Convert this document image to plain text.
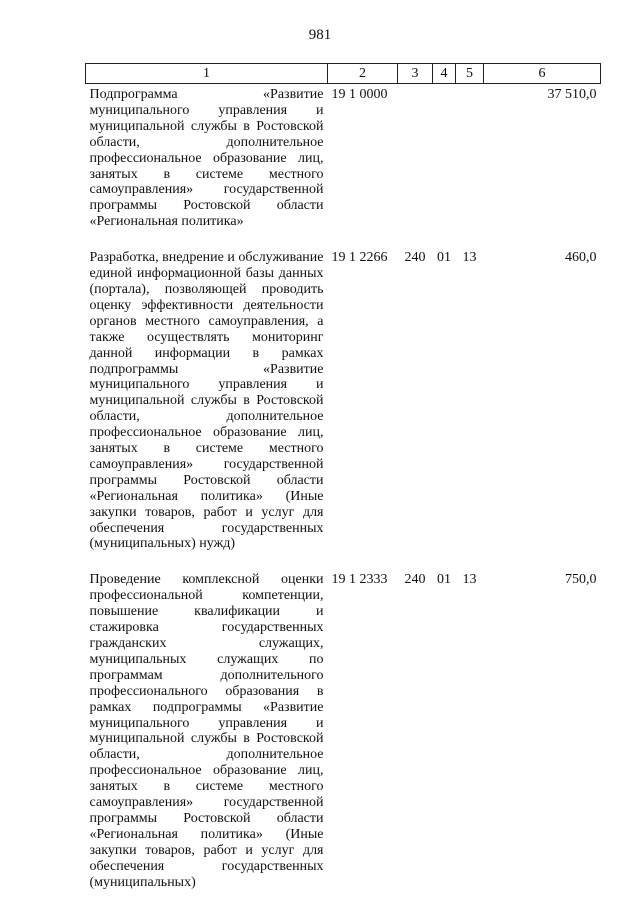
981
1	2	3	4	5	6
Подпрограмма «Развитие муниципального управления и муниципальной службы в Ростовской области, дополнительное профессиональное образование лиц, занятых в системе местного самоуправления» государственной программы Ростовской области «Региональная политика»	19 1 0000				37 510,0
Разработка, внедрение и обслуживание единой информационной базы данных (портала), позволяющей проводить оценку эффективности деятельности органов местного самоуправления, а также осуществлять мониторинг данной информации в рамках подпрограммы «Развитие муниципального управления и муниципальной службы в Ростовской области, дополнительное профессиональное образование лиц, занятых в системе местного самоуправления» государственной программы Ростовской области «Региональная политика» (Иные закупки товаров, работ и услуг для обеспечения государственных (муниципальных) нужд)	19 1 2266	240	01	13	460,0
Проведение комплексной оценки профессиональной компетенции, повышение квалификации и стажировка государственных гражданских служащих, муниципальных служащих по программам дополнительного профессионального образования в рамках подпрограммы «Развитие муниципального управления и муниципальной службы в Ростовской области, дополнительное профессиональное образование лиц, занятых в системе местного самоуправления» государственной программы Ростовской области «Региональная политика» (Иные закупки товаров, работ и услуг для обеспечения государственных (муниципальных)	19 1 2333	240	01	13	750,0
